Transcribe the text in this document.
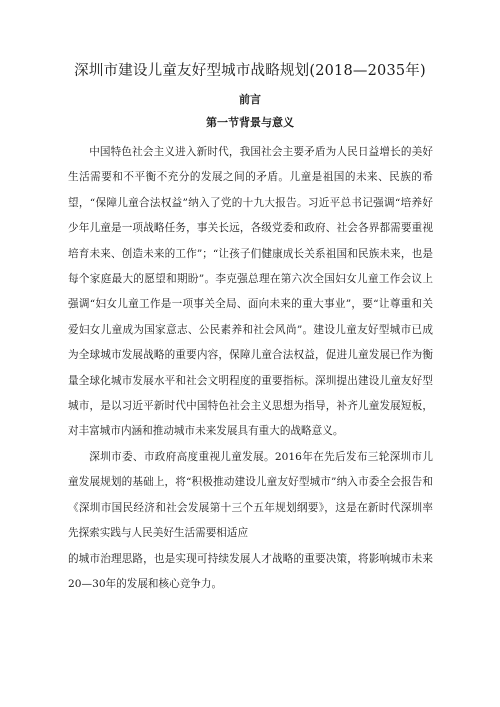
深圳市建设儿童友好型城市战略规划(2018—2035年)
前言
第一节背景与意义

中国特色社会主义进入新时代，我国社会主要矛盾为人民日益增长的美好生活需要和不平衡不充分的发展之间的矛盾。儿童是祖国的未来、民族的希望，“保障儿童合法权益”纳入了党的十九大报告。习近平总书记强调“培养好少年儿童是一项战略任务，事关长远，各级党委和政府、社会各界都需要重视培育未来、创造未来的工作”；“让孩子们健康成长关系祖国和民族未来，也是每个家庭最大的愿望和期盼”。李克强总理在第六次全国妇女儿童工作会议上强调“妇女儿童工作是一项事关全局、面向未来的重大事业”，要“让尊重和关爱妇女儿童成为国家意志、公民素养和社会风尚”。建设儿童友好型城市已成为全球城市发展战略的重要内容，保障儿童合法权益，促进儿童发展已作为衡量全球化城市发展水平和社会文明程度的重要指标。深圳提出建设儿童友好型城市，是以习近平新时代中国特色社会主义思想为指导，补齐儿童发展短板，对丰富城市内涵和推动城市未来发展具有重大的战略意义。

深圳市委、市政府高度重视儿童发展。2016年在先后发布三轮深圳市儿童发展规划的基础上，将“积极推动建设儿童友好型城市”纳入市委全会报告和《深圳市国民经济和社会发展第十三个五年规划纲要》，这是在新时代深圳率先探索实践与人民美好生活需要相适应

的城市治理思路，也是实现可持续发展人才战略的重要决策，将影响城市未来20—30年的发展和核心竞争力。
